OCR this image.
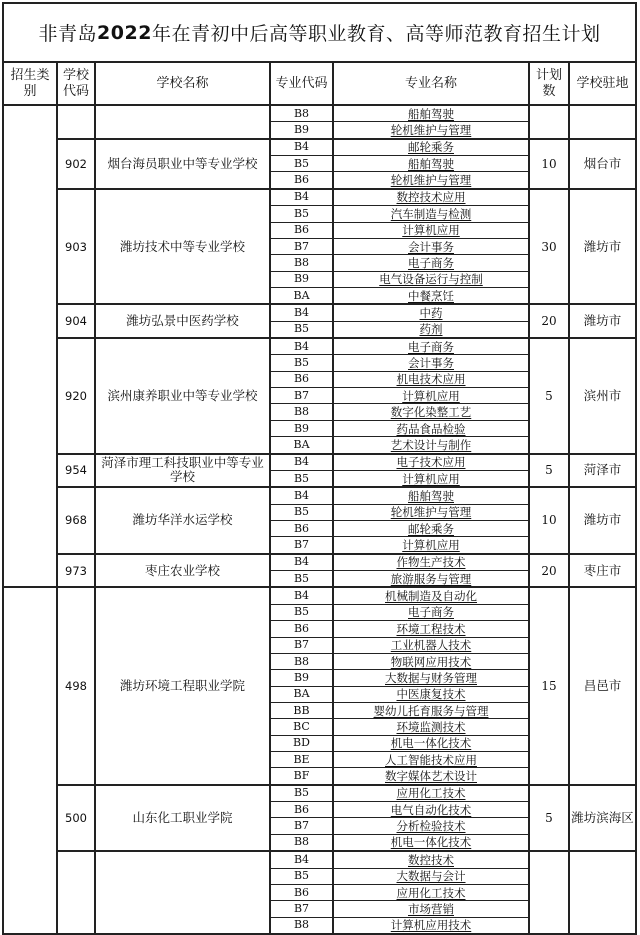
非青岛 2022 年在青初中后高等职业教育、高等师范教育招生计划
招生类别	学校代码	学校名称	专业代码	专业名称	计划数	学校驻地
			B8	船舶驾驶		
			B9	轮机维护与管理		
	902	烟台海员职业中等专业学校	B4	邮轮乘务	10	烟台市
			B5	船舶驾驶		
			B6	轮机维护与管理		
	903	潍坊技术中等专业学校	B4	数控技术应用	30	潍坊市
			B5	汽车制造与检测		
			B6	计算机应用		
			B7	会计事务		
			B8	电子商务		
			B9	电气设备运行与控制		
			BA	中餐烹饪		
	904	潍坊弘景中医药学校	B4	中药	20	潍坊市
			B5	药剂		
	920	滨州康养职业中等专业学校	B4	电子商务	5	滨州市
			B5	会计事务		
			B6	机电技术应用		
			B7	计算机应用		
			B8	数字化染整工艺		
			B9	药品食品检验		
			BA	艺术设计与制作		
	954	菏泽市理工科技职业中等专业学校	B4	电子技术应用	5	菏泽市
			B5	计算机应用		
	968	潍坊华洋水运学校	B4	船舶驾驶	10	潍坊市
			B5	轮机维护与管理		
			B6	邮轮乘务		
			B7	计算机应用		
	973	枣庄农业学校	B4	作物生产技术	20	枣庄市
			B5	旅游服务与管理		
	498	潍坊环境工程职业学院	B4	机械制造及自动化	15	昌邑市
			B5	电子商务		
			B6	环境工程技术		
			B7	工业机器人技术		
			B8	物联网应用技术		
			B9	大数据与财务管理		
			BA	中医康复技术		
			BB	婴幼儿托育服务与管理		
			BC	环境监测技术		
			BD	机电一体化技术		
			BE	人工智能技术应用		
			BF	数字媒体艺术设计		
	500	山东化工职业学院	B5	应用化工技术	5	潍坊滨海区
			B6	电气自动化技术		
			B7	分析检验技术		
			B8	机电一体化技术		
			B4	数控技术		
			B5	大数据与会计		
			B6	应用化工技术		
			B7	市场营销		
			B8	计算机应用技术		
